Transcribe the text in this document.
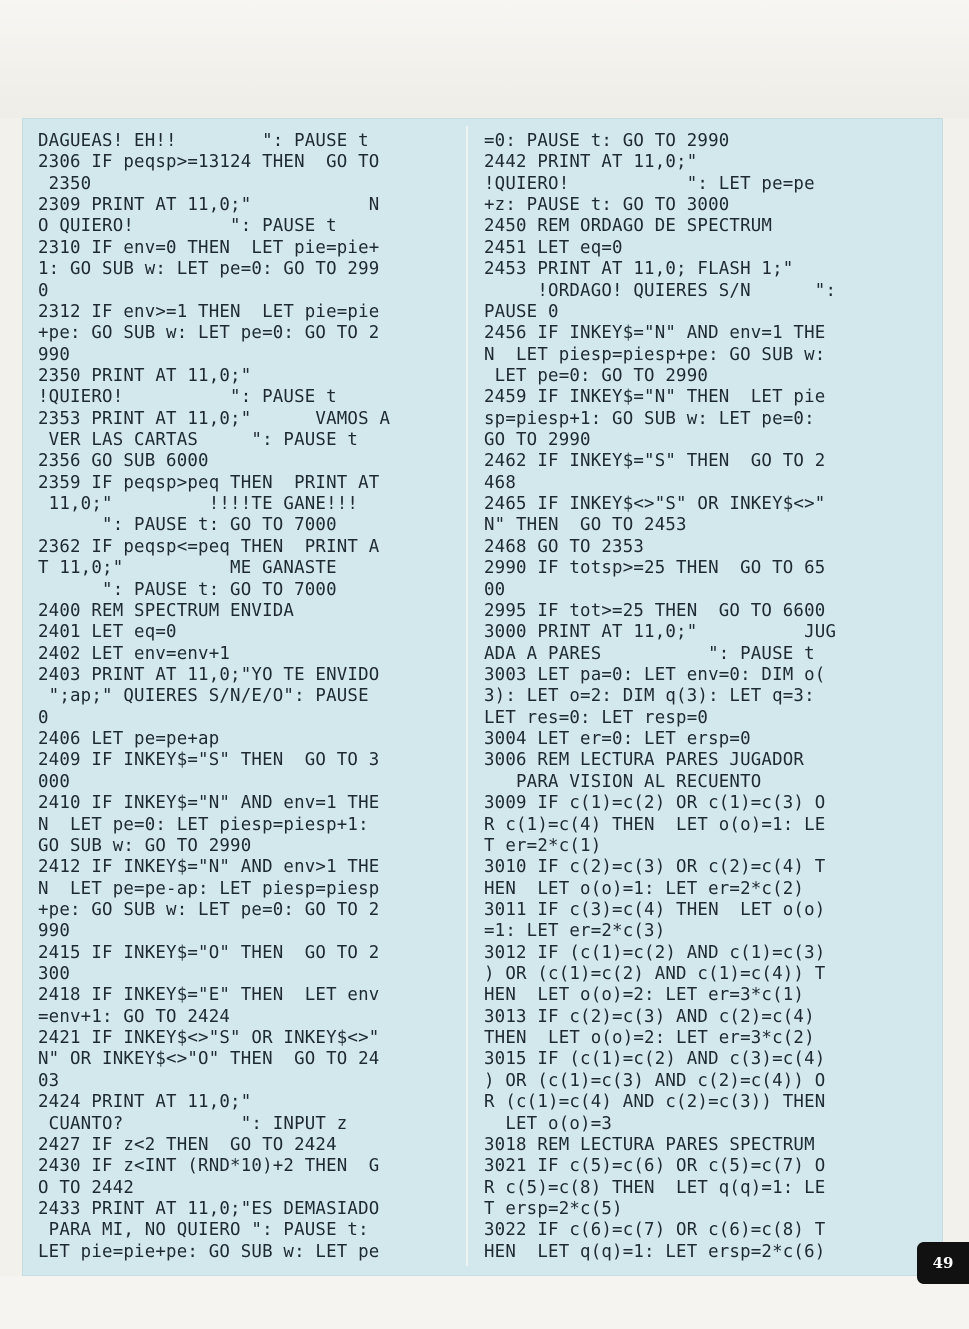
DAGUEAS! EH!!        ": PAUSE t
2306 IF peqsp>=13124 THEN  GO TO
2350
2309 PRINT AT 11,0;"           N
O QUIERO!         ": PAUSE t
2310 IF env=0 THEN  LET pie=pie+
1: GO SUB w: LET pe=0: GO TO 299
0
2312 IF env>=1 THEN  LET pie=pie
+pe: GO SUB w: LET pe=0: GO TO 2
990
2350 PRINT AT 11,0;"
!QUIERO!          ": PAUSE t
2353 PRINT AT 11,0;"      VAMOS A
VER LAS CARTAS     ": PAUSE t
2356 GO SUB 6000
2359 IF peqsp>peq THEN  PRINT AT
11,0;"         !!!!TE GANE!!!
": PAUSE t: GO TO 7000
2362 IF peqsp<=peq THEN  PRINT A
T 11,0;"          ME GANASTE
": PAUSE t: GO TO 7000
2400 REM SPECTRUM ENVIDA
2401 LET eq=0
2402 LET env=env+1
2403 PRINT AT 11,0;"YO TE ENVIDO
";ap;" QUIERES S/N/E/O": PAUSE
0
2406 LET pe=pe+ap
2409 IF INKEY$="S" THEN  GO TO 3
000
2410 IF INKEY$="N" AND env=1 THE
N  LET pe=0: LET piesp=piesp+1:
GO SUB w: GO TO 2990
2412 IF INKEY$="N" AND env>1 THE
N  LET pe=pe-ap: LET piesp=piesp
+pe: GO SUB w: LET pe=0: GO TO 2
990
2415 IF INKEY$="O" THEN  GO TO 2
300
2418 IF INKEY$="E" THEN  LET env
=env+1: GO TO 2424
2421 IF INKEY$<>"S" OR INKEY$<>"
N" OR INKEY$<>"O" THEN  GO TO 24
03
2424 PRINT AT 11,0;"
CUANTO?           ": INPUT z
2427 IF z<2 THEN  GO TO 2424
2430 IF z<INT (RND*10)+2 THEN  G
O TO 2442
2433 PRINT AT 11,0;"ES DEMASIADO
PARA MI, NO QUIERO ": PAUSE t:
LET pie=pie+pe: GO SUB w: LET pe
=0: PAUSE t: GO TO 2990
2442 PRINT AT 11,0;"
!QUIERO!           ": LET pe=pe
+z: PAUSE t: GO TO 3000
2450 REM ORDAGO DE SPECTRUM
2451 LET eq=0
2453 PRINT AT 11,0; FLASH 1;"
!ORDAGO! QUIERES S/N      ":
PAUSE 0
2456 IF INKEY$="N" AND env=1 THE
N  LET piesp=piesp+pe: GO SUB w:
LET pe=0: GO TO 2990
2459 IF INKEY$="N" THEN  LET pie
sp=piesp+1: GO SUB w: LET pe=0:
GO TO 2990
2462 IF INKEY$="S" THEN  GO TO 2
468
2465 IF INKEY$<>"S" OR INKEY$<>"
N" THEN  GO TO 2453
2468 GO TO 2353
2990 IF totsp>=25 THEN  GO TO 65
00
2995 IF tot>=25 THEN  GO TO 6600
3000 PRINT AT 11,0;"          JUG
ADA A PARES          ": PAUSE t
3003 LET pa=0: LET env=0: DIM o(
3): LET o=2: DIM q(3): LET q=3:
LET res=0: LET resp=0
3004 LET er=0: LET ersp=0
3006 REM LECTURA PARES JUGADOR
PARA VISION AL RECUENTO
3009 IF c(1)=c(2) OR c(1)=c(3) O
R c(1)=c(4) THEN  LET o(o)=1: LE
T er=2*c(1)
3010 IF c(2)=c(3) OR c(2)=c(4) T
HEN  LET o(o)=1: LET er=2*c(2)
3011 IF c(3)=c(4) THEN  LET o(o)
=1: LET er=2*c(3)
3012 IF (c(1)=c(2) AND c(1)=c(3)
) OR (c(1)=c(2) AND c(1)=c(4)) T
HEN  LET o(o)=2: LET er=3*c(1)
3013 IF c(2)=c(3) AND c(2)=c(4)
THEN  LET o(o)=2: LET er=3*c(2)
3015 IF (c(1)=c(2) AND c(3)=c(4)
) OR (c(1)=c(3) AND c(2)=c(4)) O
R (c(1)=c(4) AND c(2)=c(3)) THEN
LET o(o)=3
3018 REM LECTURA PARES SPECTRUM
3021 IF c(5)=c(6) OR c(5)=c(7) O
R c(5)=c(8) THEN  LET q(q)=1: LE
T ersp=2*c(5)
3022 IF c(6)=c(7) OR c(6)=c(8) T
HEN  LET q(q)=1: LET ersp=2*c(6)
49
